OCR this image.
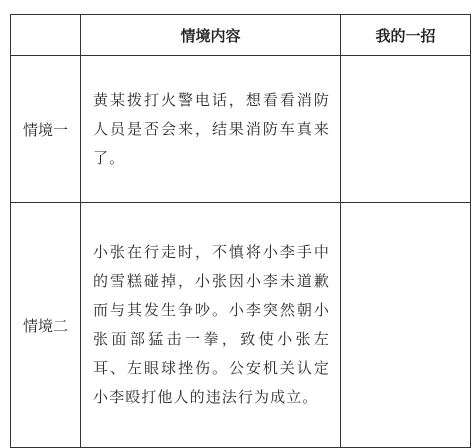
	情境内容	我的一招
情境一	黄某拨打火警电话，想看看消防人员是否会来，结果消防车真来了。	
情境二	小张在行走时，不慎将小李手中的雪糕碰掉，小张因小李未道歉而与其发生争吵。小李突然朝小张面部猛击一拳，致使小张左耳、左眼球挫伤。公安机关认定小李殴打他人的违法行为成立。	
